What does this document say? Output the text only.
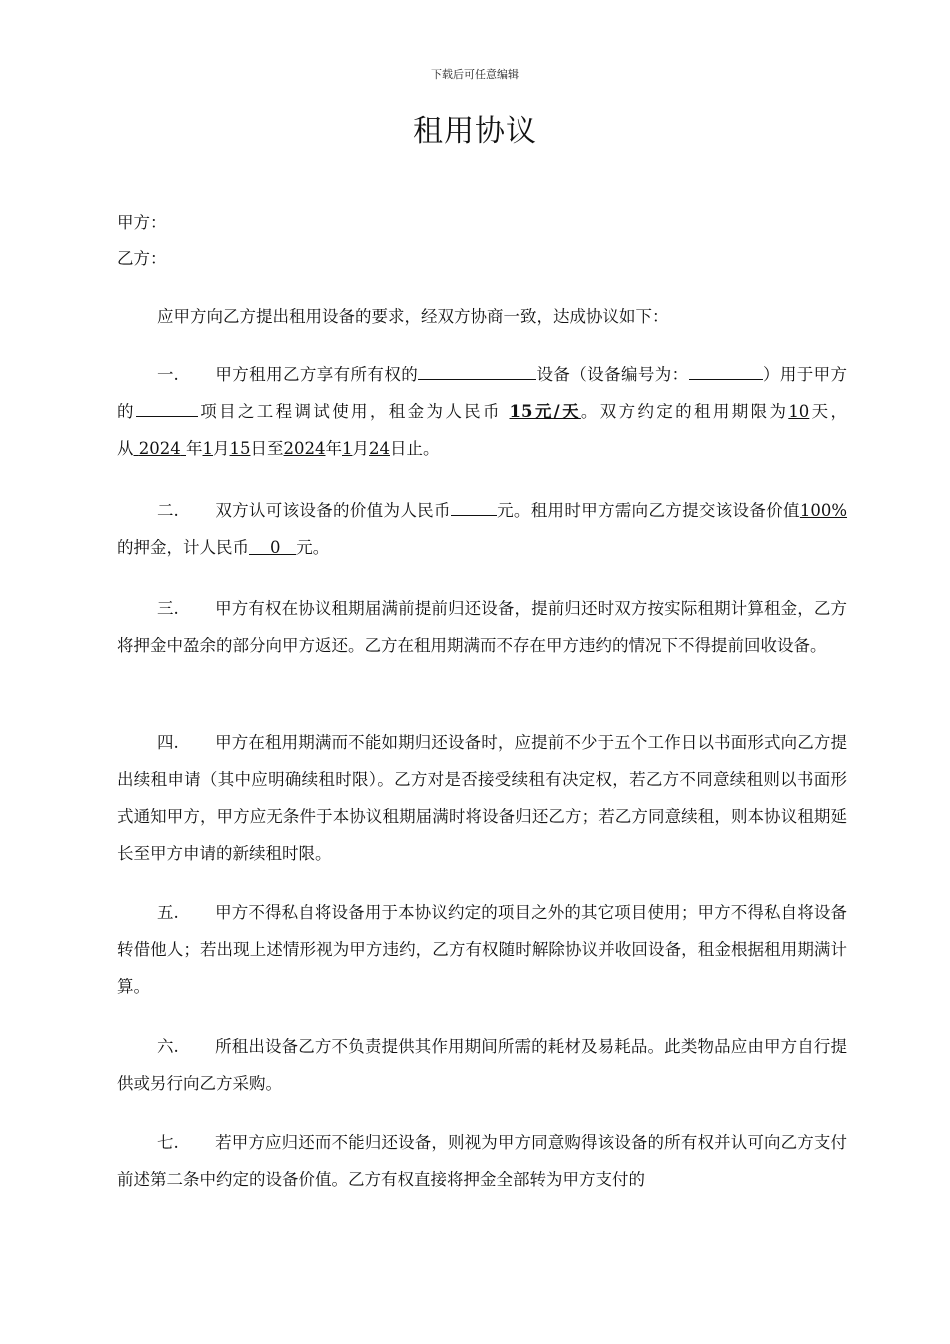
下载后可任意编辑
租用协议
甲方：
乙方：

应甲方向乙方提出租用设备的要求，经双方协商一致，达成协议如下：

一. 甲方租用乙方享有所有权的	设备（设备编号为：	）用于甲方的	项目之工程调试使用，租金为人民币 15元/天。双方约定的租用期限为10天，从 2024 年1月15日至2024年1月24日止。

二. 双方认可该设备的价值为人民币	元。租用时甲方需向乙方提交该设备价值100%的押金，计人民币 0 元。

三. 甲方有权在协议租期届满前提前归还设备，提前归还时双方按实际租期计算租金，乙方将押金中盈余的部分向甲方返还。乙方在租用期满而不存在甲方违约的情况下不得提前回收设备。

四. 甲方在租用期满而不能如期归还设备时，应提前不少于五个工作日以书面形式向乙方提出续租申请（其中应明确续租时限）。乙方对是否接受续租有决定权，若乙方不同意续租则以书面形式通知甲方，甲方应无条件于本协议租期届满时将设备归还乙方；若乙方同意续租，则本协议租期延长至甲方申请的新续租时限。

五. 甲方不得私自将设备用于本协议约定的项目之外的其它项目使用；甲方不得私自将设备转借他人；若出现上述情形视为甲方违约，乙方有权随时解除协议并收回设备，租金根据租用期满计算。

六. 所租出设备乙方不负责提供其作用期间所需的耗材及易耗品。此类物品应由甲方自行提供或另行向乙方采购。

七. 若甲方应归还而不能归还设备，则视为甲方同意购得该设备的所有权并认可向乙方支付前述第二条中约定的设备价值。乙方有权直接将押金全部转为甲方支付的
